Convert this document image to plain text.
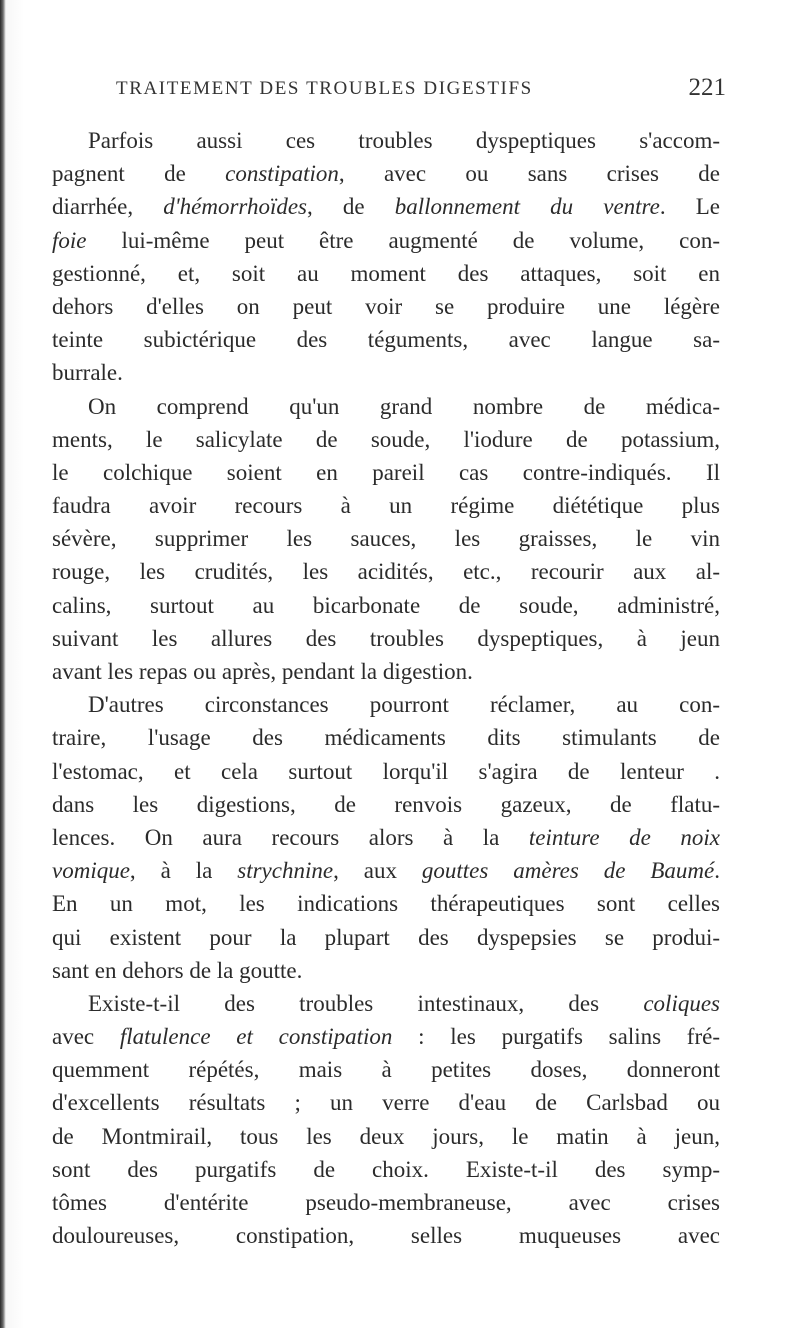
TRAITEMENT DES TROUBLES DIGESTIFS	221
Parfois aussi ces troubles dyspeptiques s'accom-
pagnent de constipation, avec ou sans crises de
diarrhée, d'hémorrhoïdes, de ballonnement du ventre. Le
foie lui-même peut être augmenté de volume, con-
gestionné, et, soit au moment des attaques, soit en
dehors d'elles on peut voir se produire une légère
teinte subictérique des téguments, avec langue sa-
burrale.
On comprend qu'un grand nombre de médica-
ments, le salicylate de soude, l'iodure de potassium,
le colchique soient en pareil cas contre-indiqués. Il
faudra avoir recours à un régime diététique plus
sévère, supprimer les sauces, les graisses, le vin
rouge, les crudités, les acidités, etc., recourir aux al-
calins, surtout au bicarbonate de soude, administré,
suivant les allures des troubles dyspeptiques, à jeun
avant les repas ou après, pendant la digestion.
D'autres circonstances pourront réclamer, au con-
traire, l'usage des médicaments dits stimulants de
l'estomac, et cela surtout lorqu'il s'agira de lenteur .
dans les digestions, de renvois gazeux, de flatu-
lences. On aura recours alors à la teinture de noix
vomique, à la strychnine, aux gouttes amères de Baumé.
En un mot, les indications thérapeutiques sont celles
qui existent pour la plupart des dyspepsies se produi-
sant en dehors de la goutte.
Existe-t-il des troubles intestinaux, des coliques
avec flatulence et constipation : les purgatifs salins fré-
quemment répétés, mais à petites doses, donneront
d'excellents résultats ; un verre d'eau de Carlsbad ou
de Montmirail, tous les deux jours, le matin à jeun,
sont des purgatifs de choix. Existe-t-il des symp-
tômes d'entérite pseudo-membraneuse, avec crises
douloureuses, constipation, selles muqueuses avec
